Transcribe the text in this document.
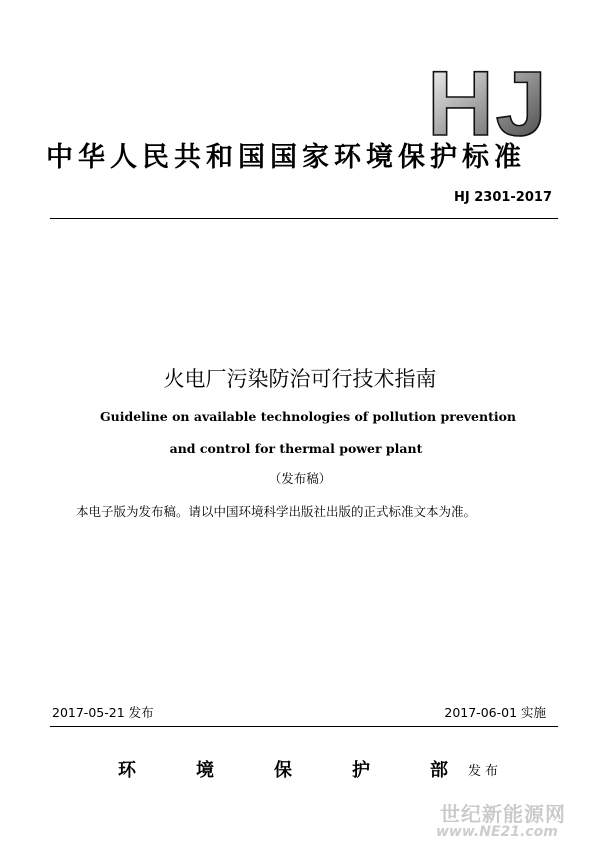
HJ
中华人民共和国国家环境保护标准
HJ 2301-2017
火电厂污染防治可行技术指南
Guideline on available technologies of pollution prevention
and control for thermal power plant
（发布稿）
本电子版为发布稿。请以中国环境科学出版社出版的正式标准文本为准。
2017-05-21 发布	2017-06-01 实施
环	境	保	护	部 发布
世纪新能源网
www.NE21.com
